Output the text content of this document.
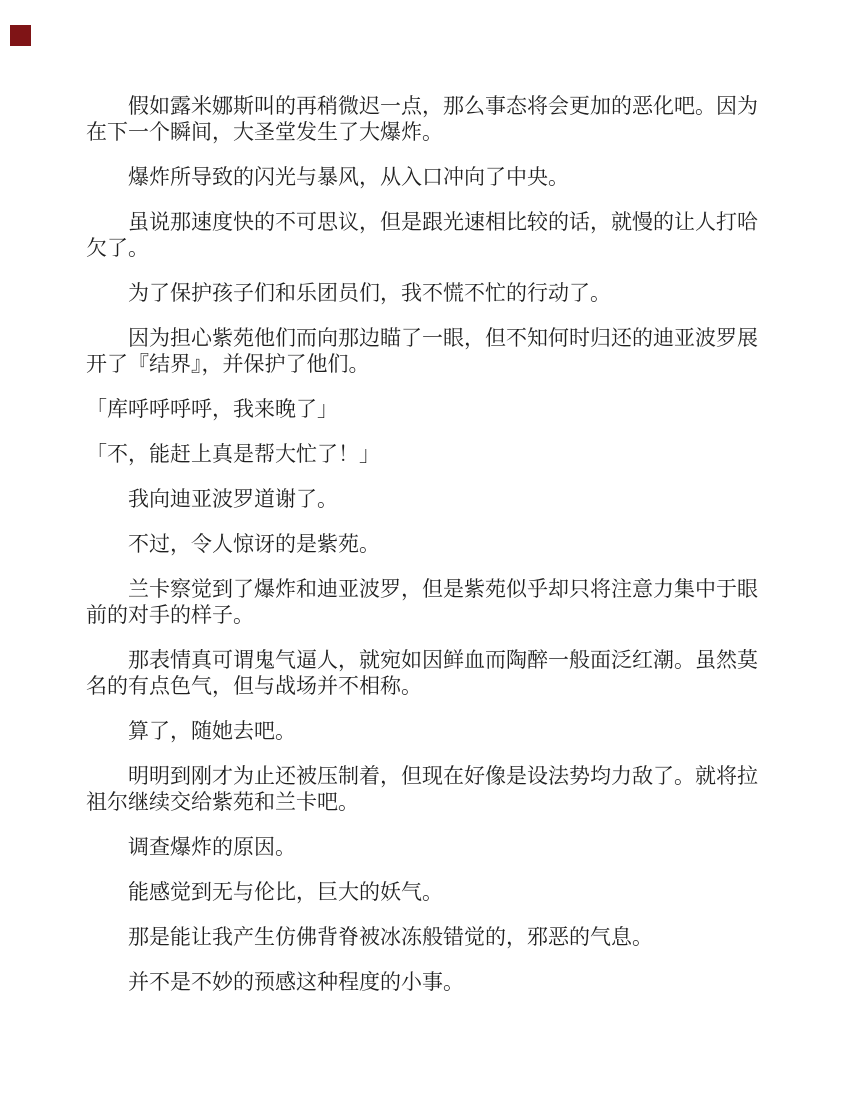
假如露米娜斯叫的再稍微迟一点，那么事态将会更加的恶化吧。因为在下一个瞬间，大圣堂发生了大爆炸。

爆炸所导致的闪光与暴风，从入口冲向了中央。

虽说那速度快的不可思议，但是跟光速相比较的话，就慢的让人打哈欠了。

为了保护孩子们和乐团员们，我不慌不忙的行动了。

因为担心紫苑他们而向那边瞄了一眼，但不知何时归还的迪亚波罗展开了『结界』，并保护了他们。

「库呼呼呼呼，我来晚了」

「不，能赶上真是帮大忙了！」

我向迪亚波罗道谢了。

不过，令人惊讶的是紫苑。

兰卡察觉到了爆炸和迪亚波罗，但是紫苑似乎却只将注意力集中于眼前的对手的样子。

那表情真可谓鬼气逼人，就宛如因鲜血而陶醉一般面泛红潮。虽然莫名的有点色气，但与战场并不相称。

算了，随她去吧。

明明到刚才为止还被压制着，但现在好像是设法势均力敌了。就将拉祖尔继续交给紫苑和兰卡吧。

调查爆炸的原因。

能感觉到无与伦比，巨大的妖气。

那是能让我产生仿佛背脊被冰冻般错觉的，邪恶的气息。

并不是不妙的预感这种程度的小事。
